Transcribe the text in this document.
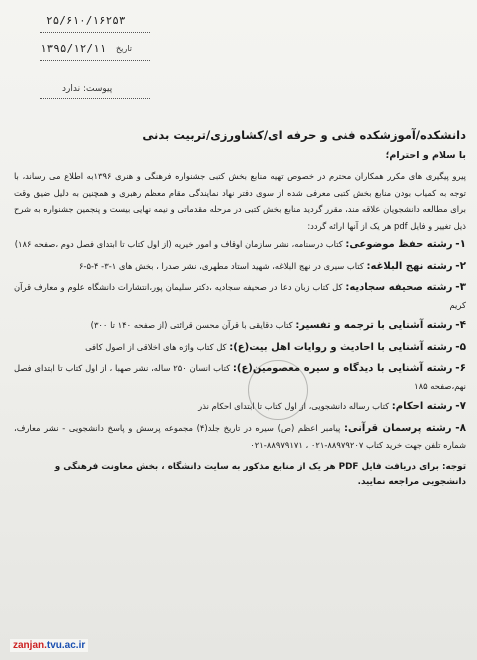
۲۵/۶۱۰/۱۶۲۵۳
۱۳۹۵/۱۲/۱۱ تاریخ
پیوست: ندارد
دانشکده/آموزشکده فنی و حرفه ای/کشاورزی/تربیت بدنی
با سلام و احترام؛
پیرو پیگیری های مکرر همکاران محترم در خصوص تهیه منابع بخش کتبی جشنواره فرهنگی و هنری ۱۳۹۶به اطلاع می رساند، با توجه به کمیاب بودن منابع بخش کتبی معرفی شده از سوی دفتر نهاد نمایندگی مقام معظم رهبری و همچنین به دلیل ضیق وقت برای مطالعه دانشجویان علاقه مند، مقرر گردید منابع بخش کتبی در مرحله مقدماتی و نیمه نهایی بیست و پنجمین جشنواره به شرح ذیل تغییر و فایل pdf هر یک از آنها ارائه گردد:
۱- رشته حفظ موضوعی: کتاب درسنامه، نشر سازمان اوقاف و امور خیریه (از اول کتاب تا ابتدای فصل دوم ،صفحه ۱۸۶)
۲- رشته نهج البلاغه: کتاب سیری در نهج البلاغه، شهید استاد مطهری، نشر صدرا ، بخش های ۱-۳- ۴-۵-۶
۳- رشته صحیفه سجادیه: کل کتاب زبان دعا در صحیفه سجادیه ،دکتر سلیمان پور،انتشارات دانشگاه علوم و معارف قرآن کریم
۴- رشته آشنایی با ترجمه و تفسیر: کتاب دقایقی با قرآن محسن قرائتی (از صفحه ۱۴۰ تا ۳۰۰)
۵- رشته آشنایی با احادیث و روایات اهل بیت(ع): کل کتاب واژه های اخلاقی از اصول کافی
۶- رشته آشنایی با دیدگاه و سیره معصومین(ع): کتاب انسان ۲۵۰ ساله، نشر صهبا ، از اول کتاب تا ابتدای فصل نهم،صفحه ۱۸۵
۷- رشته احکام: کتاب رساله دانشجویی، از اول کتاب تا ابتدای احکام نذر
۸- رشته پرسمان قرآنی: پیامبر اعظم (ص) سیره در تاریخ جلد(۴) مجموعه پرسش و پاسخ دانشجویی - نشر معارف، شماره تلفن جهت خرید کتاب ۸۸۹۷۹۲۰۷-۰۲۱ ، ۸۸۹۷۹۱۷۱-۰۲۱
توجه: برای دریافت فایل PDF هر یک از منابع مذکور به سایت دانشگاه ، بخش معاونت فرهنگی و دانشجویی مراجعه نمایید.
zanjan.tvu.ac.ir
